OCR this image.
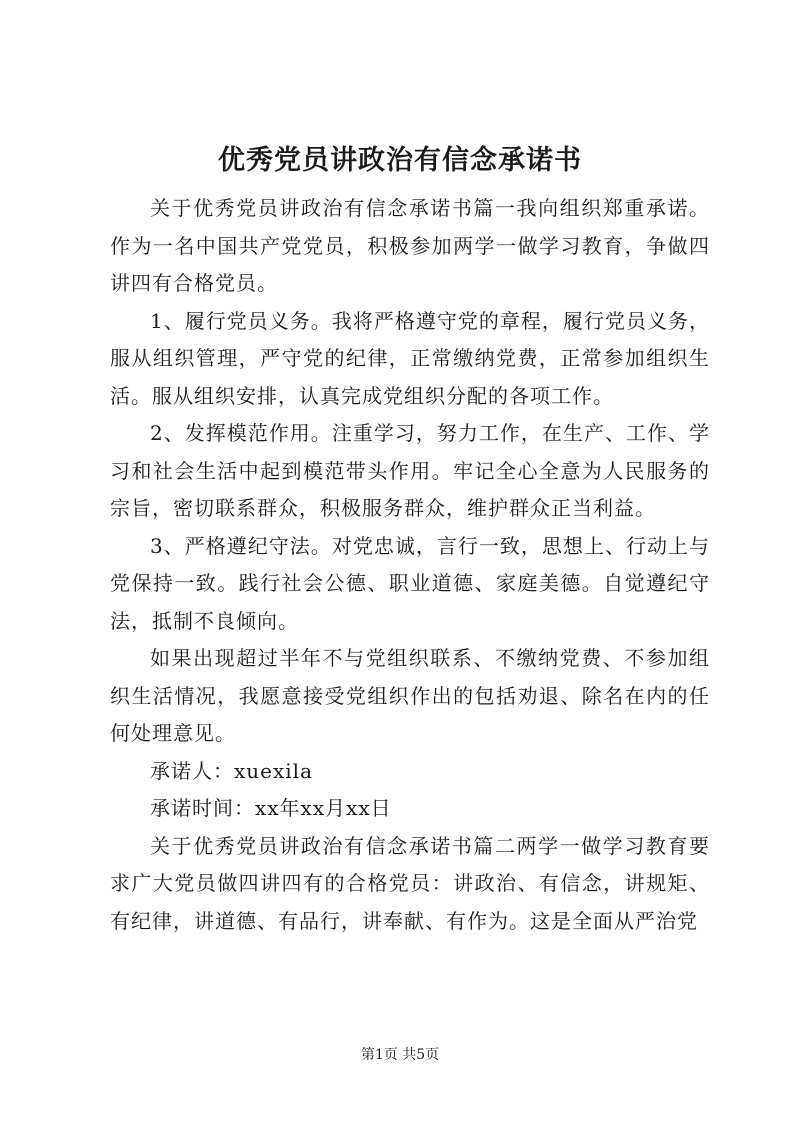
优秀党员讲政治有信念承诺书

关于优秀党员讲政治有信念承诺书篇一我向组织郑重承诺。作为一名中国共产党党员，积极参加两学一做学习教育，争做四讲四有合格党员。

1、履行党员义务。我将严格遵守党的章程，履行党员义务，服从组织管理，严守党的纪律，正常缴纳党费，正常参加组织生活。服从组织安排，认真完成党组织分配的各项工作。

2、发挥模范作用。注重学习，努力工作，在生产、工作、学习和社会生活中起到模范带头作用。牢记全心全意为人民服务的宗旨，密切联系群众，积极服务群众，维护群众正当利益。

3、严格遵纪守法。对党忠诚，言行一致，思想上、行动上与党保持一致。践行社会公德、职业道德、家庭美德。自觉遵纪守法，抵制不良倾向。

如果出现超过半年不与党组织联系、不缴纳党费、不参加组织生活情况，我愿意接受党组织作出的包括劝退、除名在内的任何处理意见。

承诺人：xuexila

承诺时间：xx年xx月xx日

关于优秀党员讲政治有信念承诺书篇二两学一做学习教育要求广大党员做四讲四有的合格党员：讲政治、有信念，讲规矩、有纪律，讲道德、有品行，讲奉献、有作为。这是全面从严治党

第1页 共5页
